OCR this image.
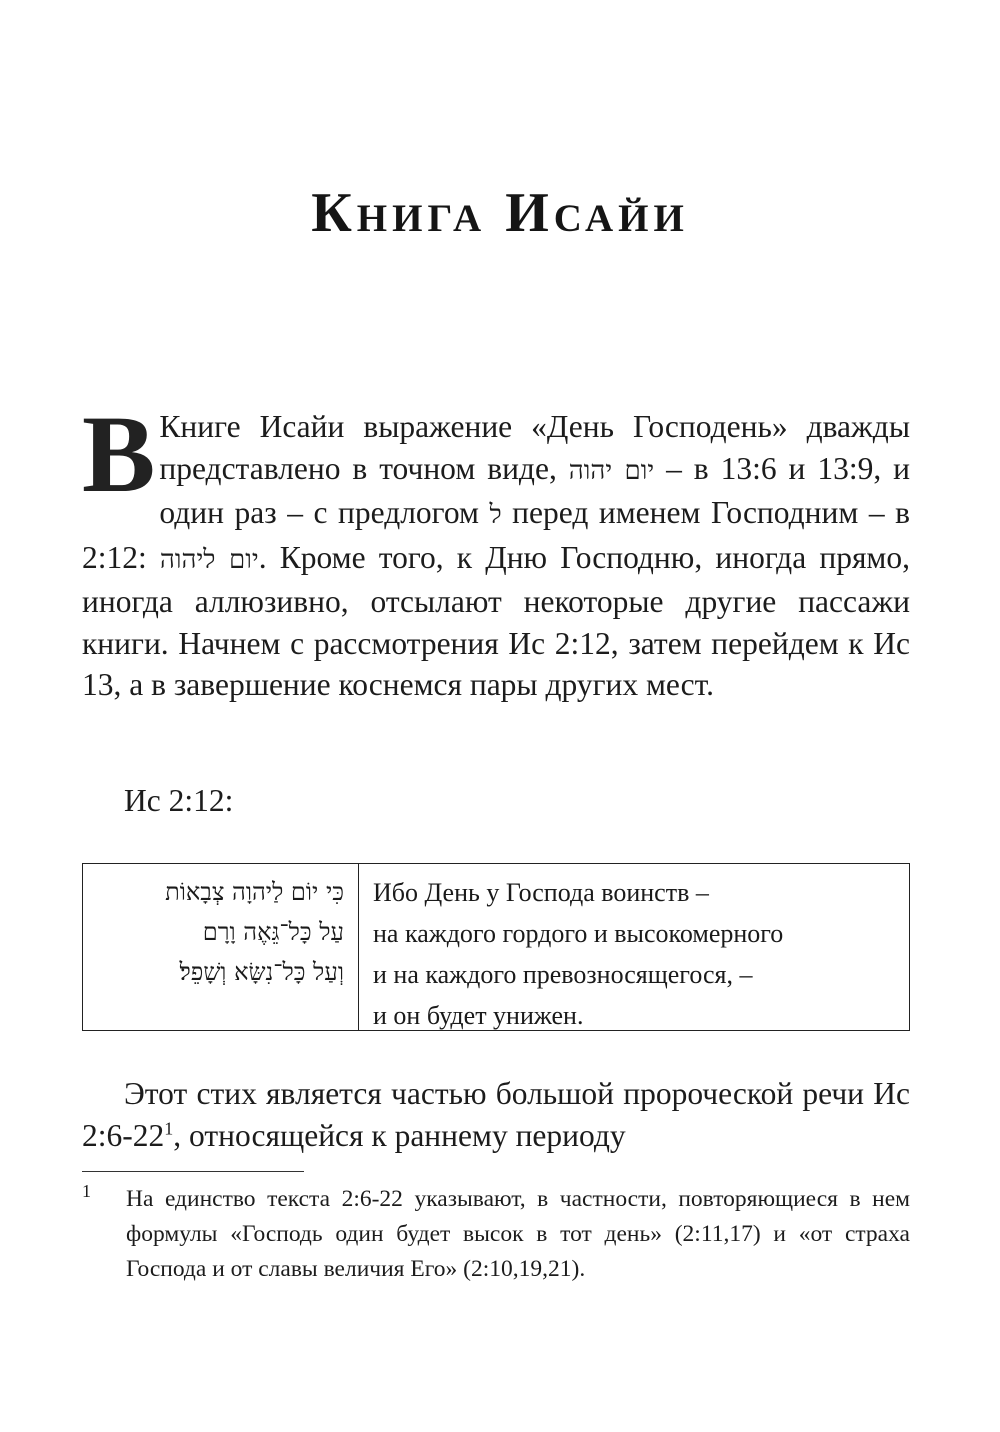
Книга Исайи
В Книге Исайи выражение «День Господень» дважды представлено в точном виде, יום יהוה – в 13:6 и 13:9, и один раз – с предлогом ל перед именем Господним – в 2:12: יום ליהוה. Кроме того, к Дню Господню, иногда прямо, иногда аллюзивно, отсылают некоторые другие пассажи книги. Начнем с рассмотрения Ис 2:12, затем перейдем к Ис 13, а в завершение коснемся пары других мест.
Ис 2:12:
כִּי יוֹם לַיהוָה צְבָאוֹת
עַל כָּל־גֵּאֶה וָרָם
וְעַל כָּל־נִשָּׂא וְשָׁפֵל׃
Ибо День у Господа воинств –
на каждого гордого и высокомерного
и на каждого превозносящегося, –
и он будет унижен.
Этот стих является частью большой пророческой речи Ис $2:6-22^1$, относящейся к раннему периоду
1 На единство текста 2:6-22 указывают, в частности, повторяющиеся в нем формулы «Господь один будет высок в тот день» (2:11,17) и «от страха Господа и от славы величия Его» (2:10,19,21).
